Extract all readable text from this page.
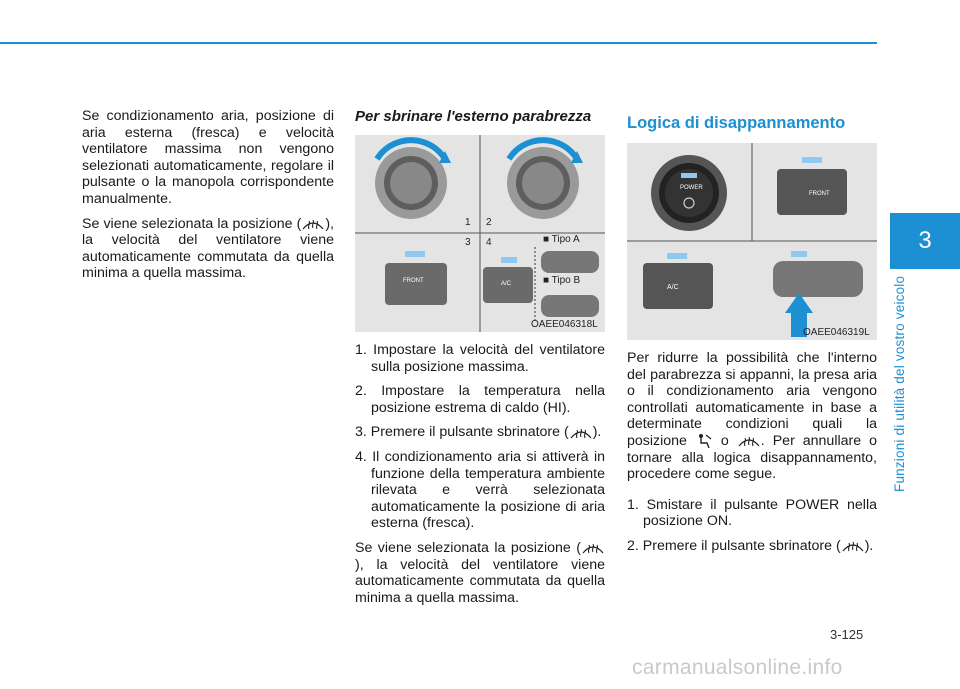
Se condizionamento aria, posizione di aria esterna (fresca) e velocità ventilatore massima non vengono selezionati automaticamente, regolare il pulsante o la manopola corrispondente manualmente.

Se viene selezionata la posizione ( ), la velocità del ventilatore viene automaticamente commutata da quella minima a quella massima.

Per sbrinare l'esterno parabrezza
1 2
3 4	■ Tipo A
■ Tipo B
FRONT	A/C
OAEE046318L
1. Impostare la velocità del ventilatore sulla posizione massima.
2. Impostare la temperatura nella posizione estrema di caldo (HI).
3. Premere il pulsante sbrinatore ( ).
4. Il condizionamento aria si attiverà in funzione della temperatura ambiente rilevata e verrà selezionata automaticamente la posizione di aria esterna (fresca).

Se viene selezionata la posizione (), la velocità del ventilatore viene automaticamente commutata da quella minima a quella massima.

Logica di disappannamento
POWER
FRONT
A/C
OAEE046319L

Per ridurre la possibilità che l'interno del parabrezza si appanni, la presa aria o il condizionamento aria vengono controllati automaticamente in base a determinate condizioni quali la posizione o . Per annullare o tornare alla logica disappannamento, procedere come segue.

1. Smistare il pulsante POWER nella posizione ON.
2. Premere il pulsante sbrinatore ( ).
3
Funzioni di utilità del vostro veicolo
3-125
carmanualsonline.info
